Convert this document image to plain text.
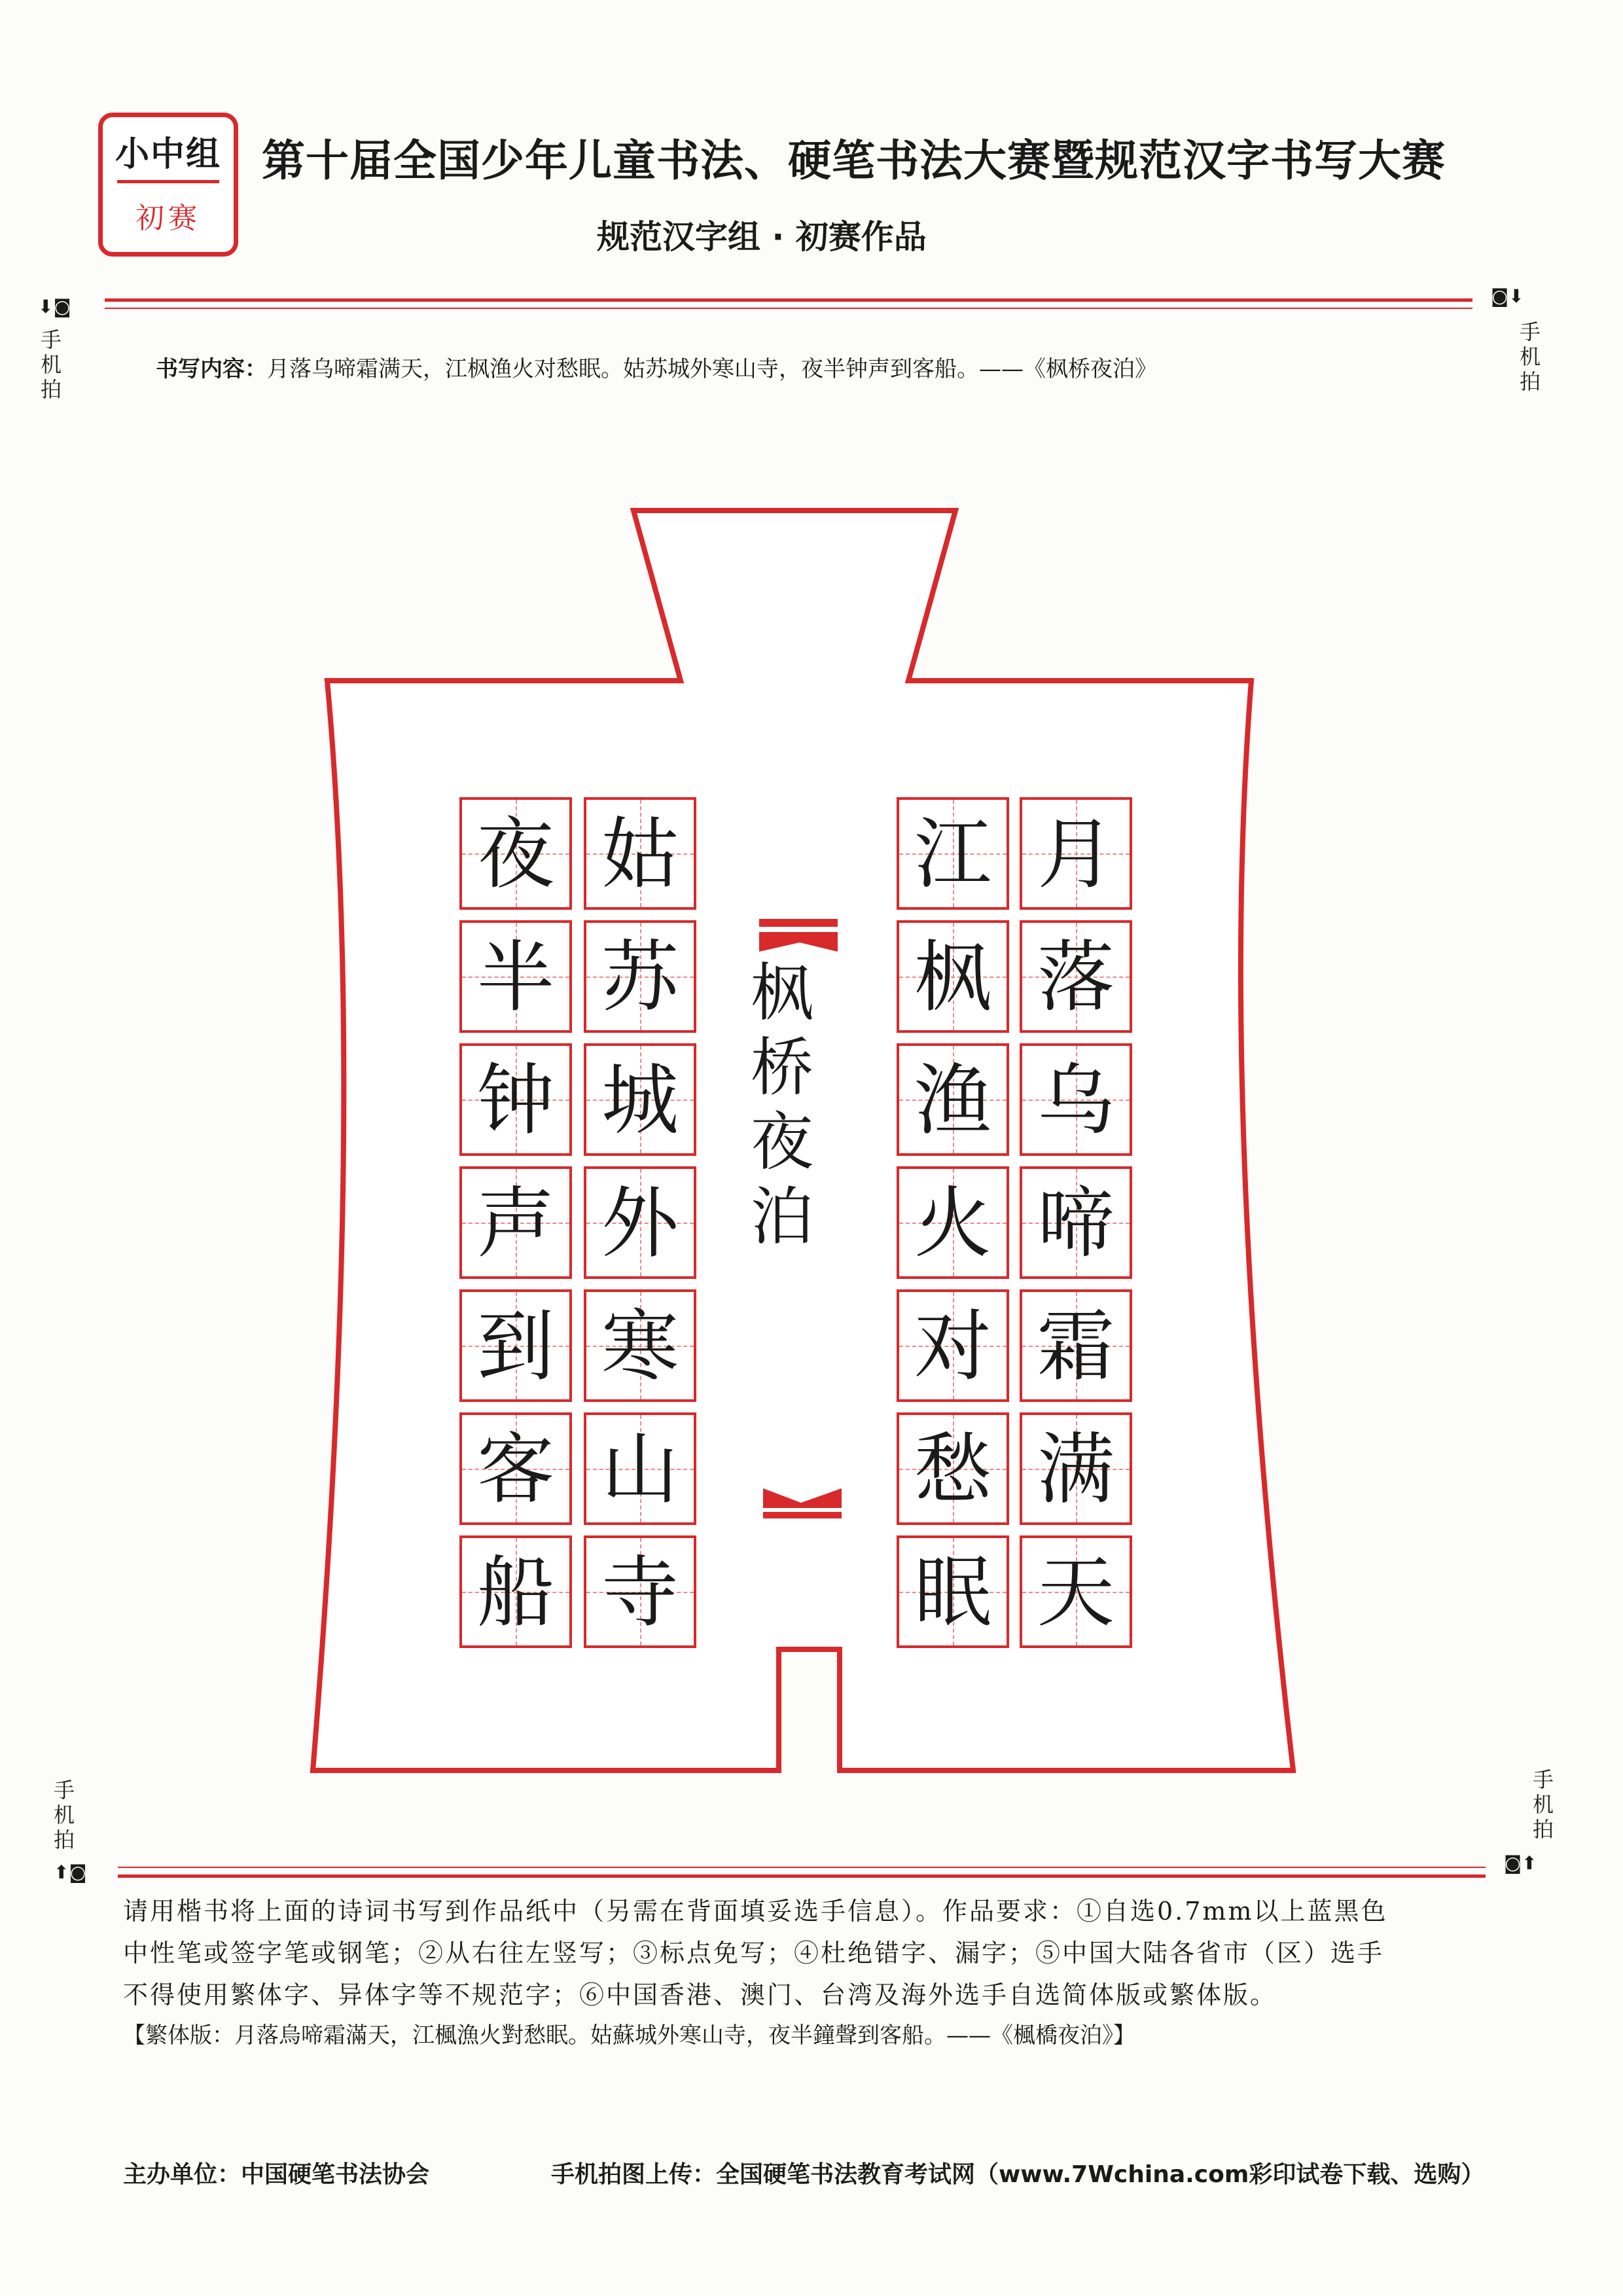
小中组
初赛
第十届全国少年儿童书法、硬笔书法大赛暨规范汉字书写大赛
规范汉字组 · 初赛作品
⬇◙
手机拍
◙⬇
手机拍
书写内容：月落乌啼霜满天，江枫渔火对愁眠。姑苏城外寒山寺，夜半钟声到客船。——《枫桥夜泊》
枫
桥
夜
泊
夜
半
钟
声
到
客
船
姑
苏
城
外
寒
山
寺
江
枫
渔
火
对
愁
眠
月
落
乌
啼
霜
满
天
手机拍
⬆◙
手机拍
◙⬆
请用楷书将上面的诗词书写到作品纸中（另需在背面填妥选手信息）。作品要求：①自选0.7mm以上蓝黑色
中性笔或签字笔或钢笔；②从右往左竖写；③标点免写；④杜绝错字、漏字；⑤中国大陆各省市（区）选手
不得使用繁体字、异体字等不规范字；⑥中国香港、澳门、台湾及海外选手自选简体版或繁体版。
【繁体版：月落烏啼霜滿天，江楓漁火對愁眠。姑蘇城外寒山寺，夜半鐘聲到客船。——《楓橋夜泊》】
主办单位：中国硬笔书法协会	手机拍图上传：全国硬笔书法教育考试网（www.7Wchina.com彩印试卷下载、选购）
